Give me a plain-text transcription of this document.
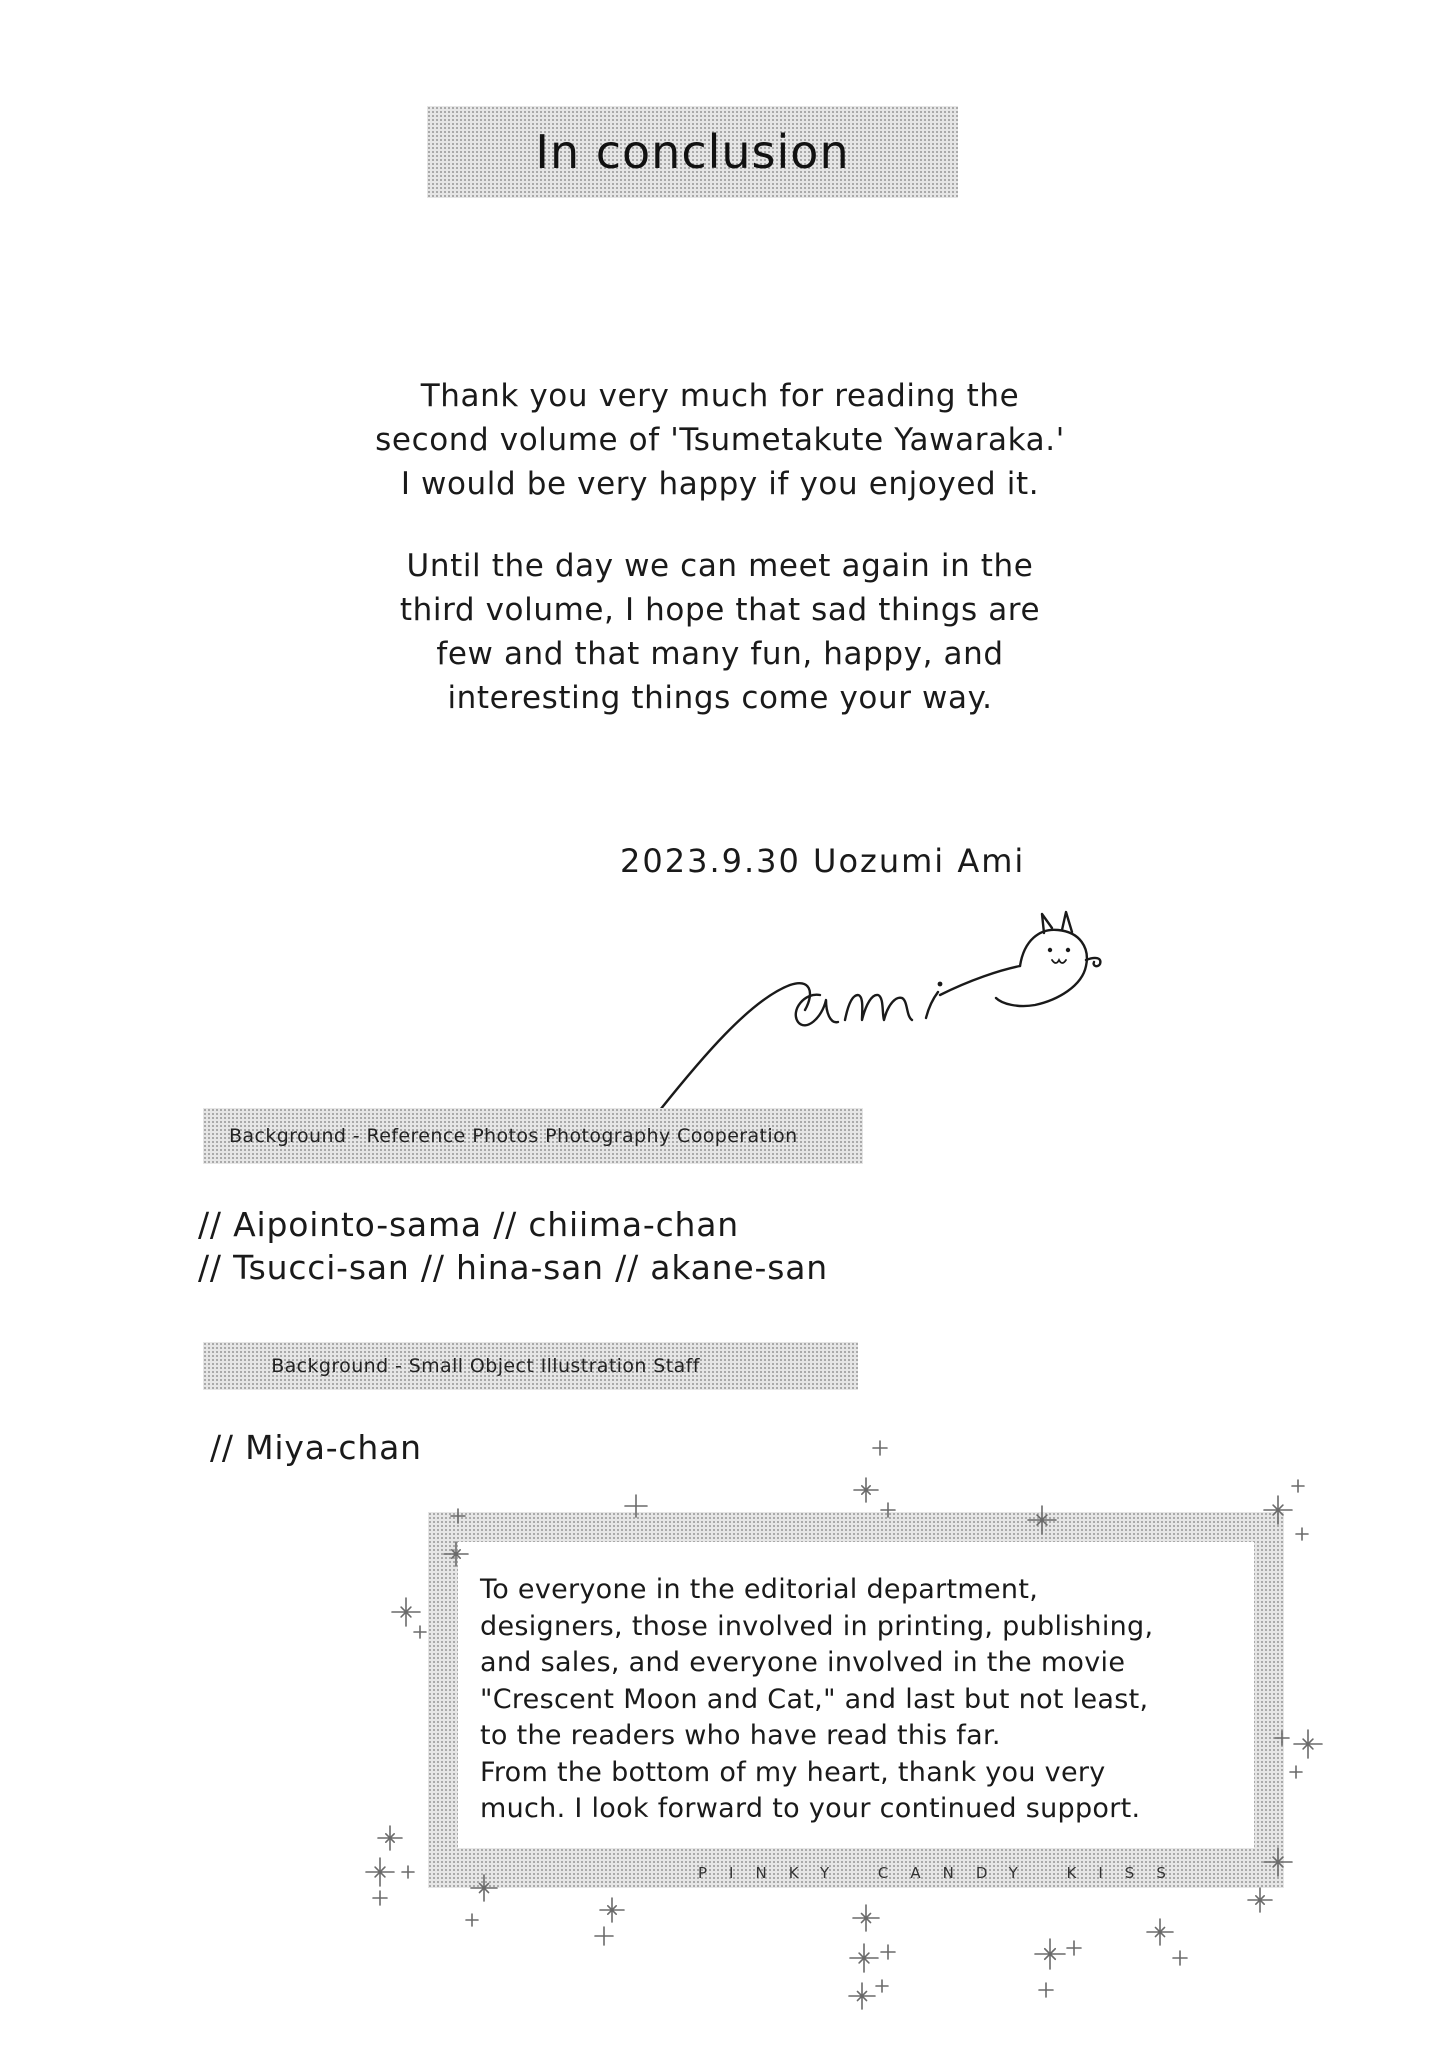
In conclusion
Thank you very much for reading the
second volume of 'Tsumetakute Yawaraka.'
I would be very happy if you enjoyed it.
Until the day we can meet again in the
third volume, I hope that sad things are
few and that many fun, happy, and
interesting things come your way.
2023.9.30 Uozumi Ami
Background - Reference Photos Photography Cooperation
// Aipointo-sama // chiima-chan
// Tsucci-san // hina-san // akane-san
Background - Small Object Illustration Staff
// Miya-chan
To everyone in the editorial department,
designers, those involved in printing, publishing,
and sales, and everyone involved in the movie
"Crescent Moon and Cat," and last but not least,
to the readers who have read this far.
From the bottom of my heart, thank you very
much. I look forward to your continued support.
PINKY CANDY KISS
